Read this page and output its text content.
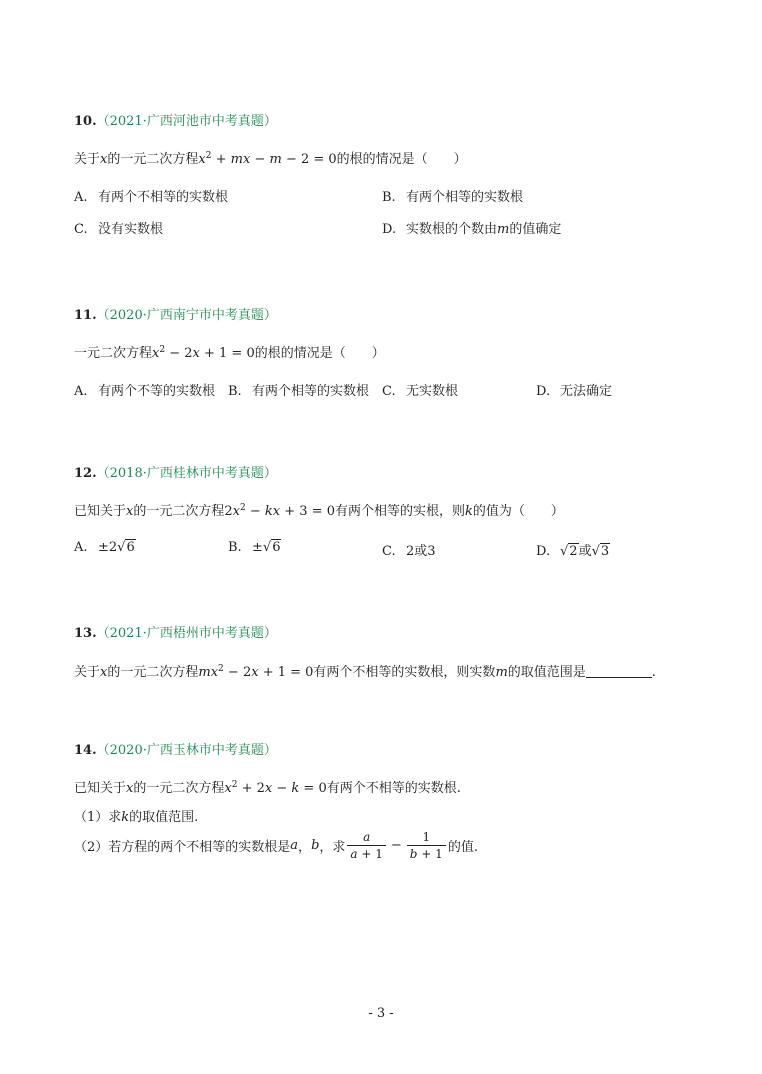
10.（2021·广西河池市中考真题）
关于x的一元二次方程$x^2$ + mx − m − 2 = 0的根的情况是（　　）
A. 有两个不相等的实数根	B. 有两个相等的实数根
C. 没有实数根	D. 实数根的个数由m的值确定
11.（2020·广西南宁市中考真题）
一元二次方程$x^2 - 2x + 1 = 0$的根的情况是（　　）
A. 有两个不等的实数根 B. 有两个相等的实数根 C. 无实数根	D. 无法确定
12.（2018·广西桂林市中考真题）
已知关于x的一元二次方程$2x^2$ − kx + 3 = 0有两个相等的实根，则k的值为（　　）
A. ±2√6	B. ±√6	C. 2或3	D. √2或√3
13.（2021·广西梧州市中考真题）
关于x的一元二次方程$mx^2 - 2x + 1 = 0$有两个不相等的实数根，则实数m的取值范围是	.
14.（2020·广西玉林市中考真题）
已知关于x的一元二次方程$x^2 + 2x - k = 0$有两个不相等的实数根.
（1）求k的取值范围.
（2）若方程的两个不相等的实数根是 a ， b ，求 $\frac{a}{a + 1} - \frac{1}{b + 1}$ 的值.
- 3 -
